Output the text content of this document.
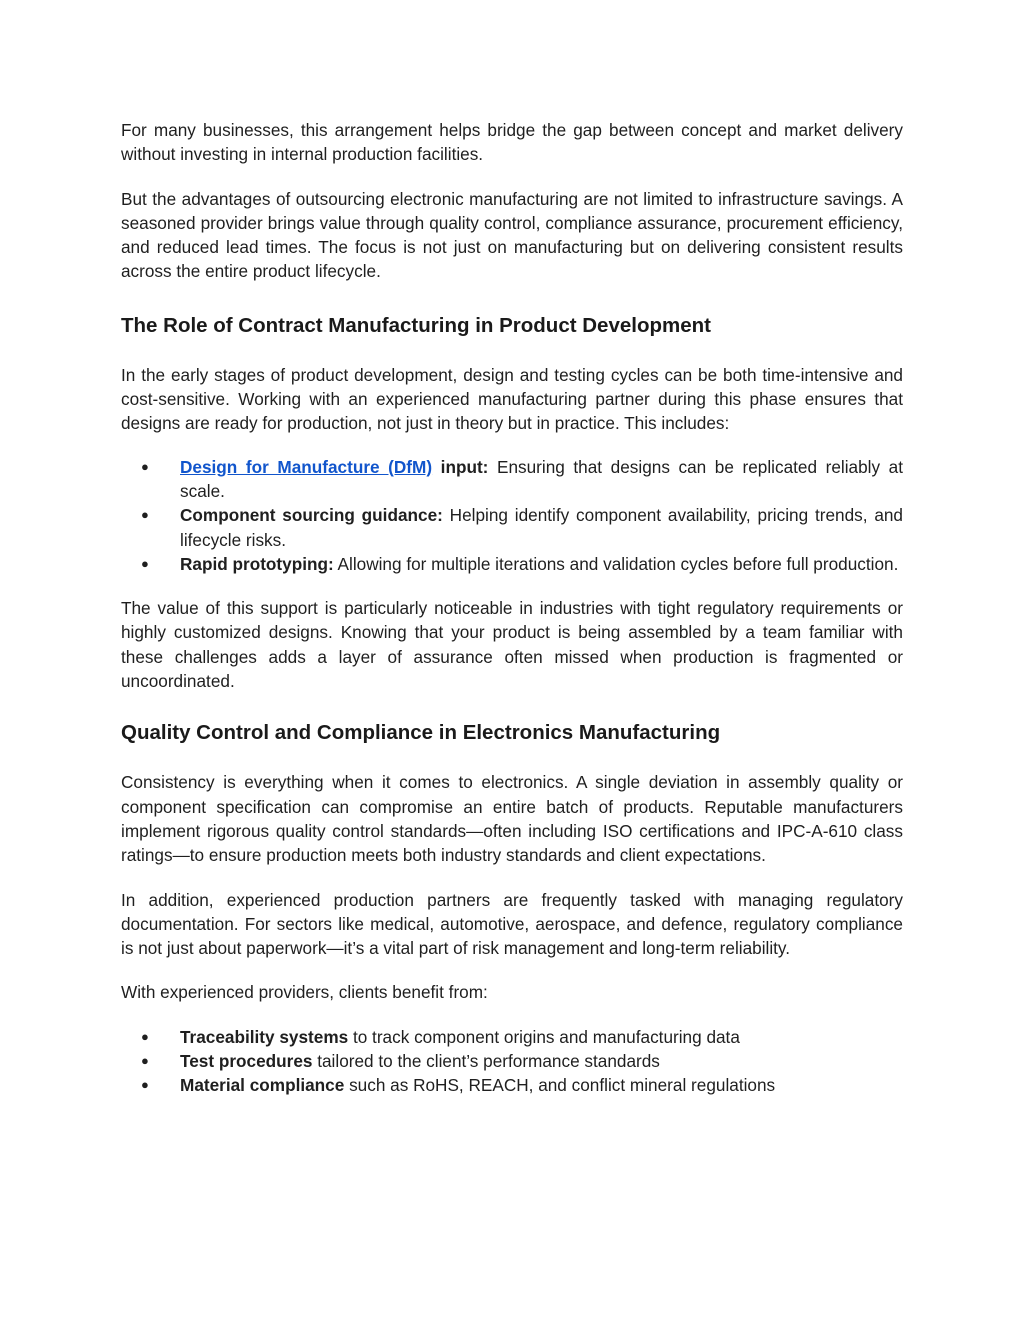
For many businesses, this arrangement helps bridge the gap between concept and market delivery without investing in internal production facilities.

But the advantages of outsourcing electronic manufacturing are not limited to infrastructure savings. A seasoned provider brings value through quality control, compliance assurance, procurement efficiency, and reduced lead times. The focus is not just on manufacturing but on delivering consistent results across the entire product lifecycle.

The Role of Contract Manufacturing in Product Development

In the early stages of product development, design and testing cycles can be both time-intensive and cost-sensitive. Working with an experienced manufacturing partner during this phase ensures that designs are ready for production, not just in theory but in practice. This includes:

● Design for Manufacture (DfM) input: Ensuring that designs can be replicated reliably at scale.
● Component sourcing guidance: Helping identify component availability, pricing trends, and lifecycle risks.
● Rapid prototyping: Allowing for multiple iterations and validation cycles before full production.

The value of this support is particularly noticeable in industries with tight regulatory requirements or highly customized designs. Knowing that your product is being assembled by a team familiar with these challenges adds a layer of assurance often missed when production is fragmented or uncoordinated.

Quality Control and Compliance in Electronics Manufacturing

Consistency is everything when it comes to electronics. A single deviation in assembly quality or component specification can compromise an entire batch of products. Reputable manufacturers implement rigorous quality control standards—often including ISO certifications and IPC-A-610 class ratings—to ensure production meets both industry standards and client expectations.

In addition, experienced production partners are frequently tasked with managing regulatory documentation. For sectors like medical, automotive, aerospace, and defence, regulatory compliance is not just about paperwork—it’s a vital part of risk management and long-term reliability.

With experienced providers, clients benefit from:

● Traceability systems to track component origins and manufacturing data
● Test procedures tailored to the client’s performance standards
● Material compliance such as RoHS, REACH, and conflict mineral regulations
